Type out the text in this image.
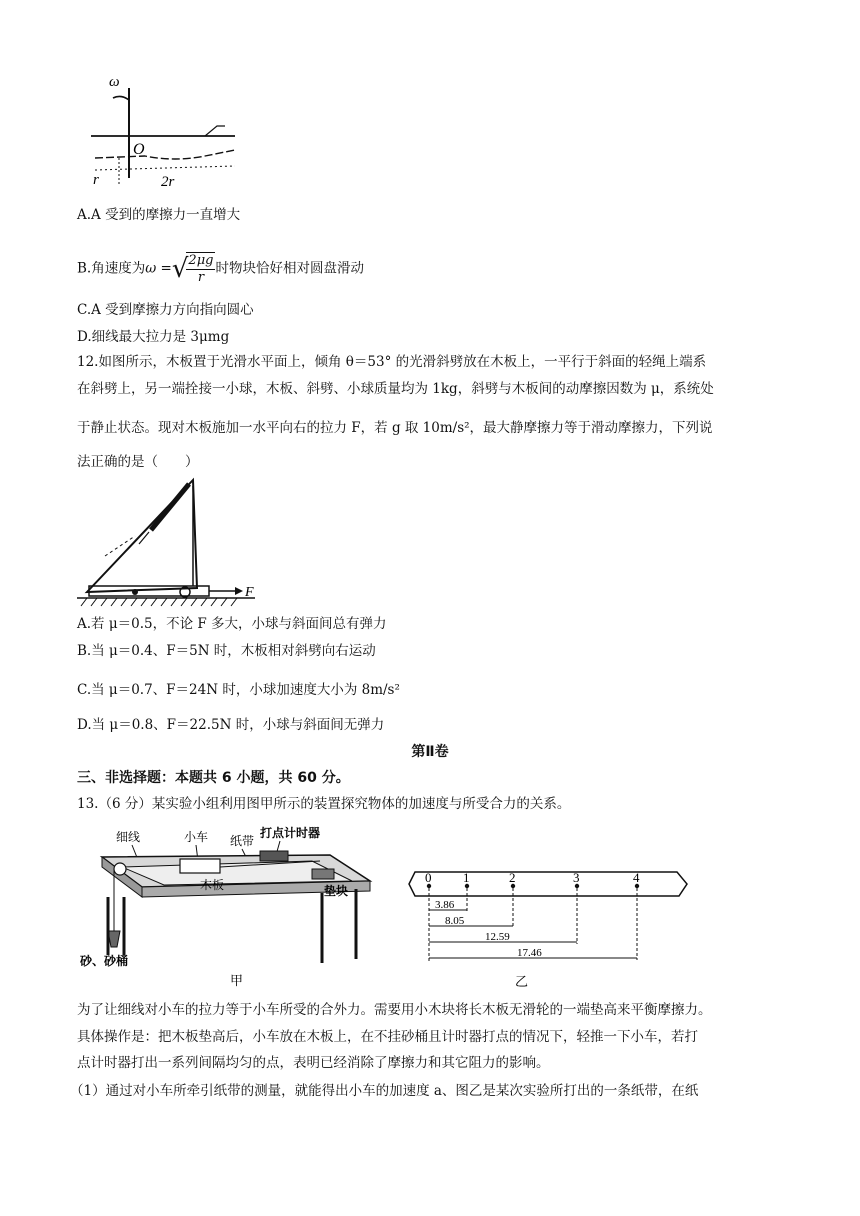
ω
O
r	2r
A.A 受到的摩擦力一直增大
B.角速度为ω =√
$\frac{2\mu g}{r}$ 时物块恰好相对圆盘滑动
C.A 受到摩擦力方向指向圆心
D.细线最大拉力是 3μmg
12.如图所示，木板置于光滑水平面上，倾角 θ＝53° 的光滑斜劈放在木板上，一平行于斜面的轻绳上端系
在斜劈上，另一端拴接一小球，木板、斜劈、小球质量均为 1kg，斜劈与木板间的动摩擦因数为 μ，系统处
于静止状态。现对木板施加一水平向右的拉力 F，若 g 取 10m/s²，最大静摩擦力等于滑动摩擦力，下列说
法正确的是（　　）
F
A.若 μ＝0.5，不论 F 多大，小球与斜面间总有弹力
B.当 μ＝0.4、F＝5N 时，木板相对斜劈向右运动
C.当 μ＝0.7、F＝24N 时，小球加速度大小为 8m/s²
D.当 μ＝0.8、F＝22.5N 时，小球与斜面间无弹力
第Ⅱ卷
三、非选择题：本题共 6 小题，共 60 分。
13.（6 分）某实验小组利用图甲所示的装置探究物体的加速度与所受合力的关系。
细线	小车 纸带
打点计时器
垫块
木板
砂、砂桶
甲
0 1	2	3	4
3.86
8.05
12.59
17.46
乙
为了让细线对小车的拉力等于小车所受的合外力。需要用小木块将长木板无滑轮的一端垫高来平衡摩擦力。
具体操作是：把木板垫高后，小车放在木板上，在不挂砂桶且计时器打点的情况下，轻推一下小车，若打
点计时器打出一系列间隔均匀的点，表明已经消除了摩擦力和其它阻力的影响。
（1）通过对小车所牵引纸带的测量，就能得出小车的加速度 a、图乙是某次实验所打出的一条纸带，在纸
